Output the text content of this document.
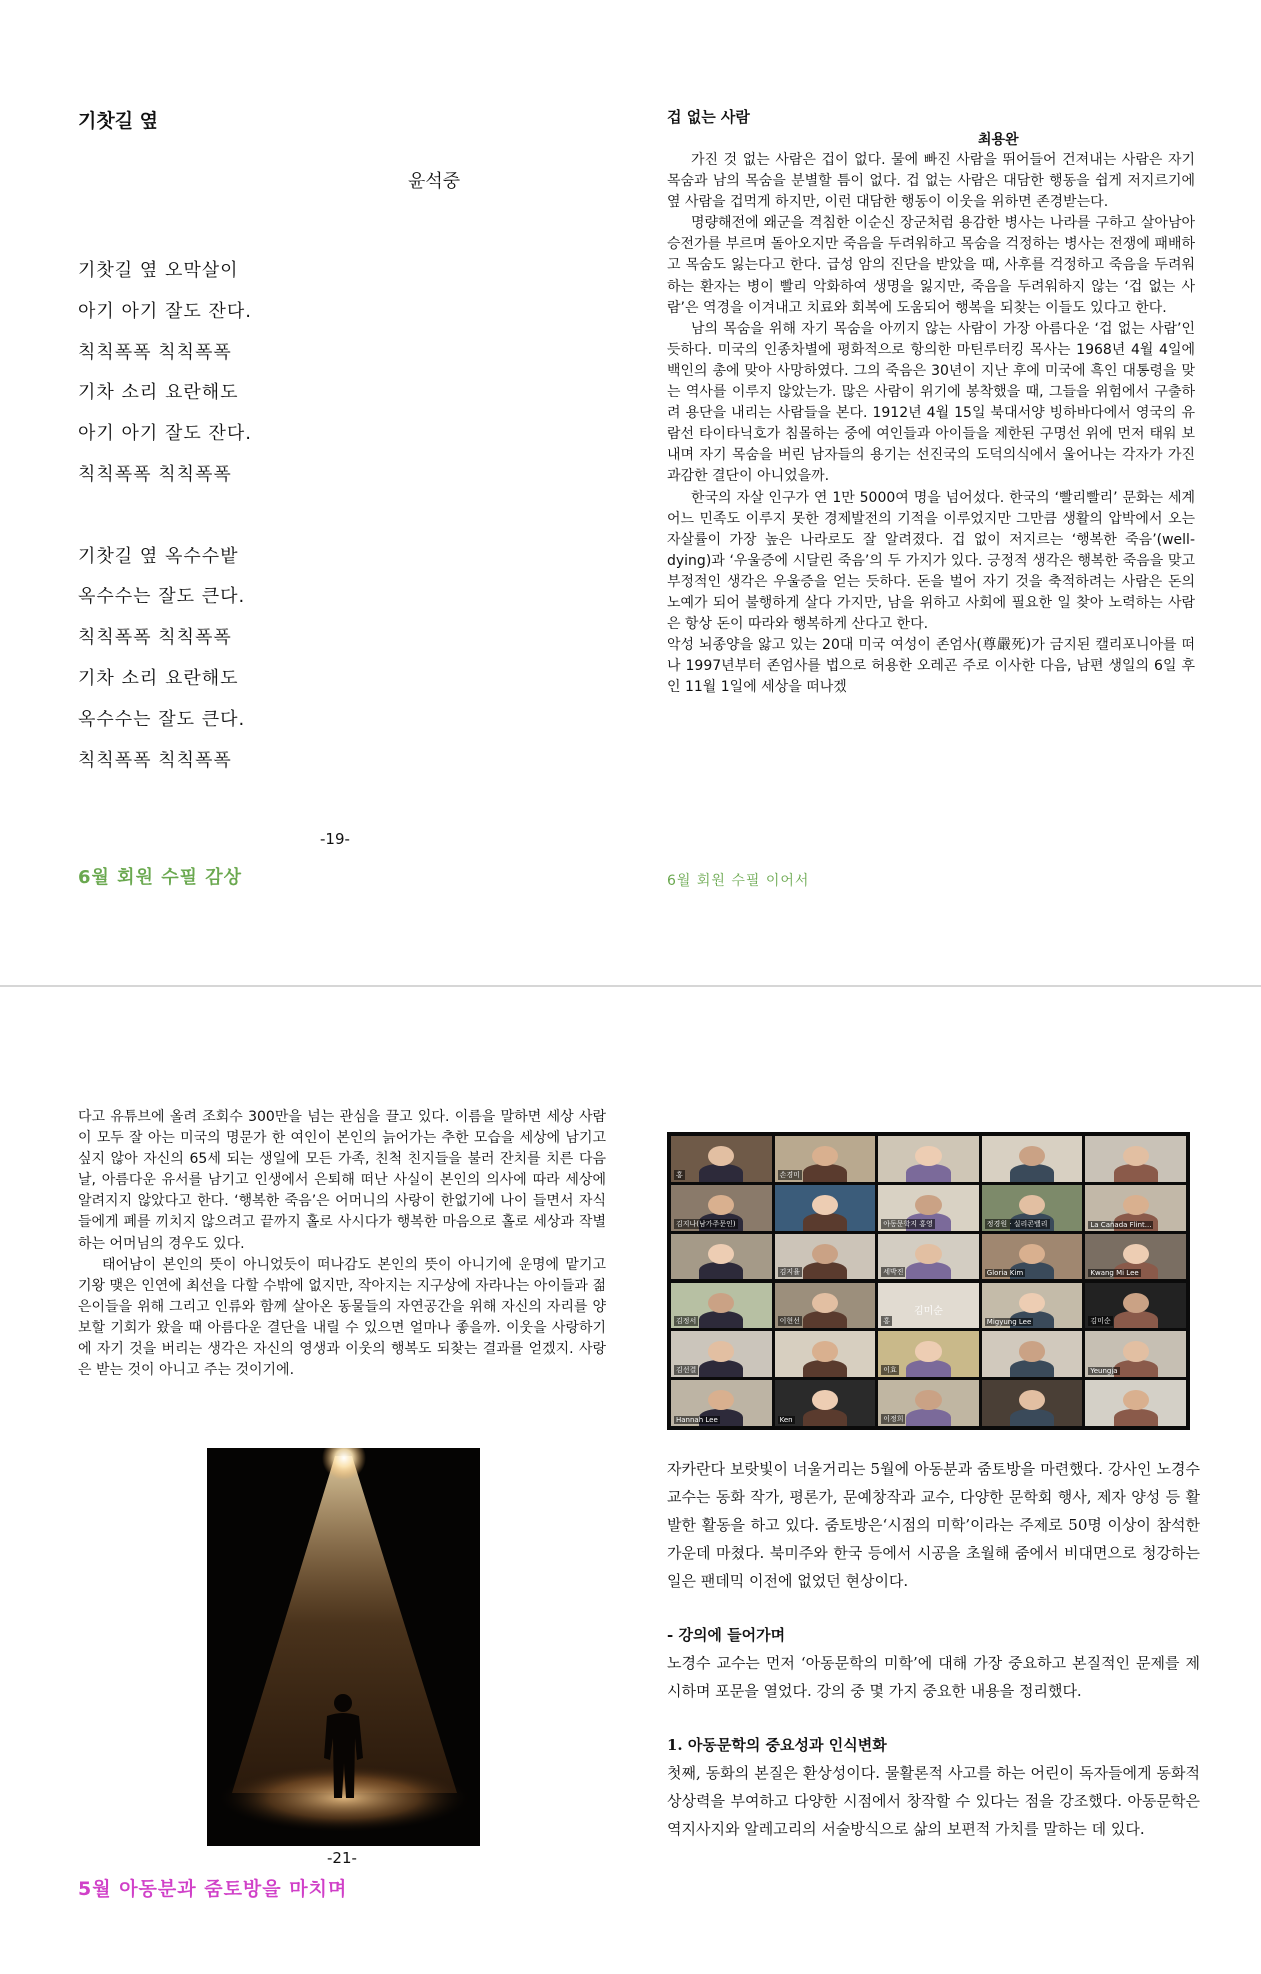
기찻길 옆
윤석중
기찻길 옆 오막살이
아기 아기 잘도 잔다.
칙칙폭폭 칙칙폭폭
기차 소리 요란해도
아기 아기 잘도 잔다.
칙칙폭폭 칙칙폭폭
기찻길 옆 옥수수밭
옥수수는 잘도 큰다.
칙칙폭폭 칙칙폭폭
기차 소리 요란해도
옥수수는 잘도 큰다.
칙칙폭폭 칙칙폭폭
-19-
6월 회원 수필 감상
겁 없는 사람
최용완

가진 것 없는 사람은 겁이 없다. 물에 빠진 사람을 뛰어들어 건져내는 사람은 자기 목숨과 남의 목숨을 분별할 틈이 없다. 겁 없는 사람은 대담한 행동을 쉽게 저지르기에 옆 사람을 겁먹게 하지만, 이런 대담한 행동이 이웃을 위하면 존경받는다.

명량해전에 왜군을 격침한 이순신 장군처럼 용감한 병사는 나라를 구하고 살아남아 승전가를 부르며 돌아오지만 죽음을 두려워하고 목숨을 걱정하는 병사는 전쟁에 패배하고 목숨도 잃는다고 한다. 급성 암의 진단을 받았을 때, 사후를 걱정하고 죽음을 두려워하는 환자는 병이 빨리 악화하여 생명을 잃지만, 죽음을 두려워하지 않는 ‘겁 없는 사람’은 역경을 이겨내고 치료와 회복에 도움되어 행복을 되찾는 이들도 있다고 한다.

남의 목숨을 위해 자기 목숨을 아끼지 않는 사람이 가장 아름다운 ‘겁 없는 사람’인 듯하다. 미국의 인종차별에 평화적으로 항의한 마틴루터킹 목사는 1968년 4월 4일에 백인의 총에 맞아 사망하였다. 그의 죽음은 30년이 지난 후에 미국에 흑인 대통령을 맞는 역사를 이루지 않았는가. 많은 사람이 위기에 봉착했을 때, 그들을 위험에서 구출하려 용단을 내리는 사람들을 본다. 1912년 4월 15일 북대서양 빙하바다에서 영국의 유람선 타이타닉호가 침몰하는 중에 여인들과 아이들을 제한된 구명선 위에 먼저 태워 보내며 자기 목숨을 버린 남자들의 용기는 선진국의 도덕의식에서 울어나는 각자가 가진 과감한 결단이 아니었을까.

한국의 자살 인구가 연 1만 5000여 명을 넘어섰다. 한국의 ‘빨리빨리’ 문화는 세계 어느 민족도 이루지 못한 경제발전의 기적을 이루었지만 그만큼 생활의 압박에서 오는 자살률이 가장 높은 나라로도 잘 알려졌다. 겁 없이 저지르는 ‘행복한 죽음’(well-dying)과 ‘우울증에 시달린 죽음’의 두 가지가 있다. 긍정적 생각은 행복한 죽음을 맞고 부정적인 생각은 우울증을 얻는 듯하다. 돈을 벌어 자기 것을 축적하려는 사람은 돈의 노예가 되어 불행하게 살다 가지만, 남을 위하고 사회에 필요한 일 찾아 노력하는 사람은 항상 돈이 따라와 행복하게 산다고 한다.

악성 뇌종양을 앓고 있는 20대 미국 여성이 존엄사(尊嚴死)가 금지된 캘리포니아를 떠나 1997년부터 존엄사를 법으로 허용한 오레곤 주로 이사한 다음, 남편 생일의 6일 후인 11월 1일에 세상을 떠나겠

6월 회원 수필 이어서

다고 유튜브에 올려 조회수 300만을 넘는 관심을 끌고 있다. 이름을 말하면 세상 사람이 모두 잘 아는 미국의 명문가 한 여인이 본인의 늙어가는 추한 모습을 세상에 남기고 싶지 않아 자신의 65세 되는 생일에 모든 가족, 친척 친지들을 불러 잔치를 치른 다음날, 아름다운 유서를 남기고 인생에서 은퇴해 떠난 사실이 본인의 의사에 따라 세상에 알려지지 않았다고 한다. ‘행복한 죽음’은 어머니의 사랑이 한없기에 나이 들면서 자식들에게 폐를 끼치지 않으려고 끝까지 홀로 사시다가 행복한 마음으로 홀로 세상과 작별하는 어머님의 경우도 있다.

태어남이 본인의 뜻이 아니었듯이 떠나감도 본인의 뜻이 아니기에 운명에 맡기고 기왕 맺은 인연에 최선을 다할 수밖에 없지만, 작아지는 지구상에 자라나는 아이들과 젊은이들을 위해 그리고 인류와 함께 살아온 동물들의 자연공간을 위해 자신의 자리를 양보할 기회가 왔을 때 아름다운 결단을 내릴 수 있으면 얼마나 좋을까. 이웃을 사랑하기에 자기 것을 버리는 생각은 자신의 영생과 이웃의 행복도 되찾는 결과를 얻겠지. 사랑은 받는 것이 아니고 주는 것이기에.

-21-
5월 아동분과 줌토방을 마치며
홍	손경미
김지나(남가주문인)	아동문학지 홍영	정경원 · 실리콘밸리	La Cañada Flint...
김지율	세박진	Gloria Kim	Kwang Mi Lee
김정서	이현선
김미순
홍	Migyung Lee	김미순
김선결	이효	Yeungja
Hannah Lee	Ken	이정희

자카란다 보랏빛이 너울거리는 5월에 아동분과 줌토방을 마련했다. 강사인 노경수 교수는 동화 작가, 평론가, 문예창작과 교수, 다양한 문학회 행사, 제자 양성 등 활발한 활동을 하고 있다. 줌토방은‘시점의 미학’이라는 주제로 50명 이상이 참석한 가운데 마쳤다. 북미주와 한국 등에서 시공을 초월해 줌에서 비대면으로 청강하는 일은 팬데믹 이전에 없었던 현상이다.

- 강의에 들어가며

노경수 교수는 먼저 ‘아동문학의 미학’에 대해 가장 중요하고 본질적인 문제를 제시하며 포문을 열었다. 강의 중 몇 가지 중요한 내용을 정리했다.

1. 아동문학의 중요성과 인식변화

첫째, 동화의 본질은 환상성이다. 물활론적 사고를 하는 어린이 독자들에게 동화적 상상력을 부여하고 다양한 시점에서 창작할 수 있다는 점을 강조했다. 아동문학은 역지사지와 알레고리의 서술방식으로 삶의 보편적 가치를 말하는 데 있다.
